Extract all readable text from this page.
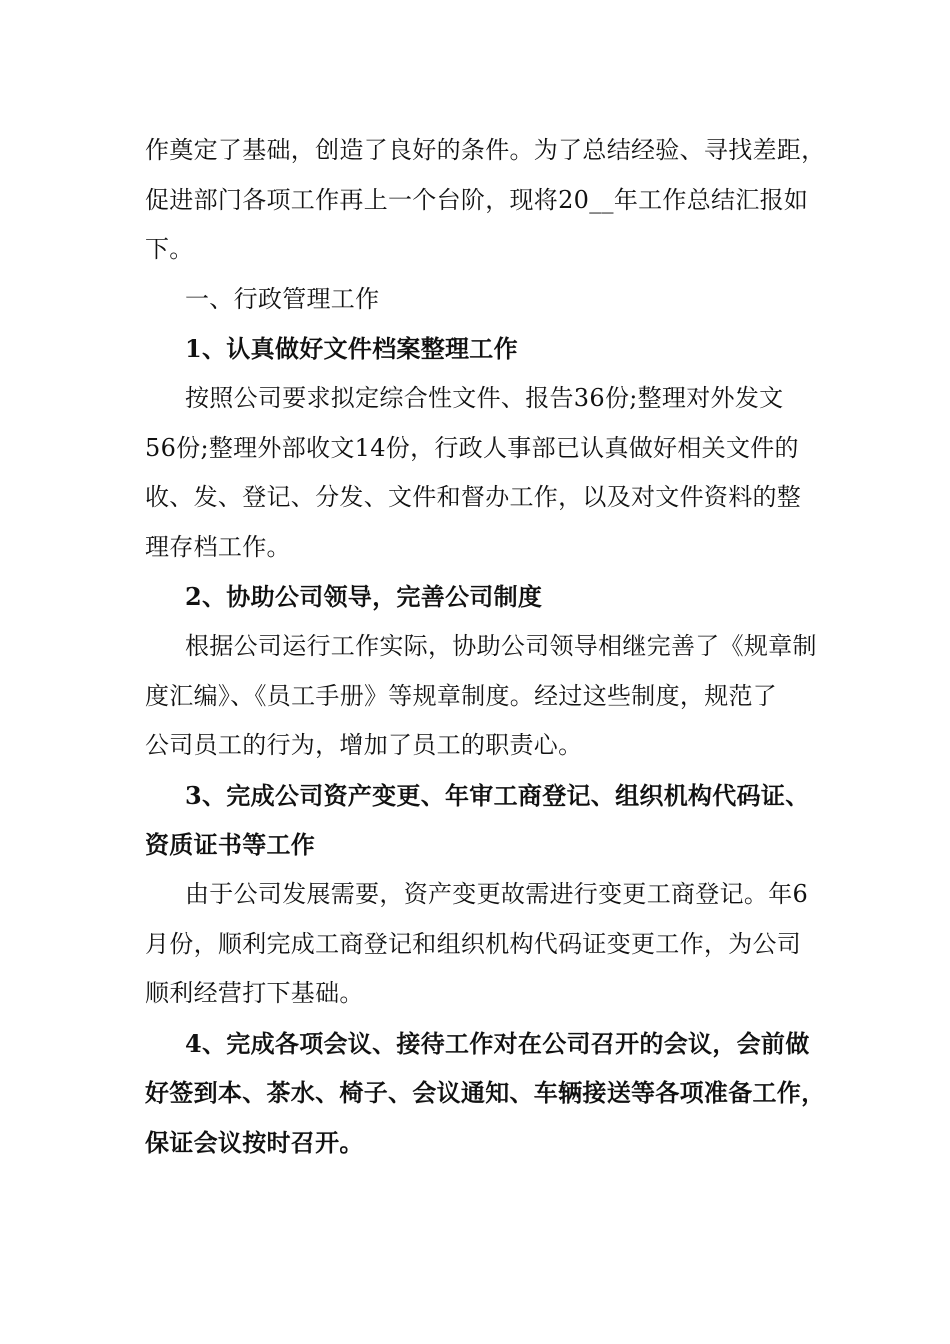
作奠定了基础，创造了良好的条件。为了总结经验、寻找差距，

促进部门各项工作再上一个台阶，现将20__年工作总结汇报如

下。

一、行政管理工作

1、认真做好文件档案整理工作

按照公司要求拟定综合性文件、报告36份;整理对外发文

56份;整理外部收文14份，行政人事部已认真做好相关文件的

收、发、登记、分发、文件和督办工作，以及对文件资料的整

理存档工作。

2、协助公司领导，完善公司制度

根据公司运行工作实际，协助公司领导相继完善了《规章制

度汇编》、《员工手册》等规章制度。经过这些制度，规范了

公司员工的行为，增加了员工的职责心。

3、完成公司资产变更、年审工商登记、组织机构代码证、

资质证书等工作

由于公司发展需要，资产变更故需进行变更工商登记。年6

月份，顺利完成工商登记和组织机构代码证变更工作，为公司

顺利经营打下基础。

4、完成各项会议、接待工作对在公司召开的会议，会前做

好签到本、茶水、椅子、会议通知、车辆接送等各项准备工作，

保证会议按时召开。
